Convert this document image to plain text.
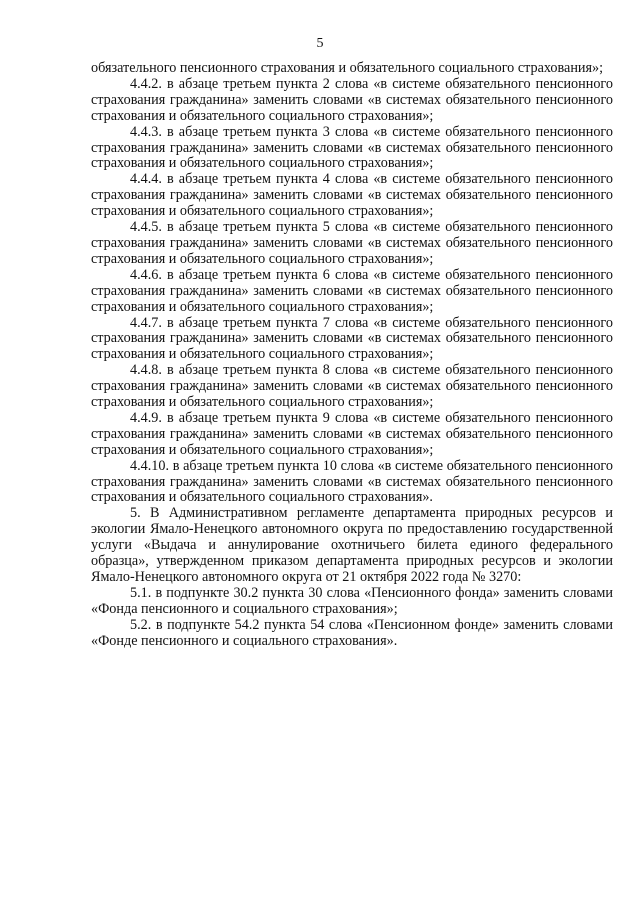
5

обязательного пенсионного страхования и обязательного социального страхования»;

4.4.2. в абзаце третьем пункта 2 слова «в системе обязательного пенсионного страхования гражданина» заменить словами «в системах обязательного пенсионного страхования и обязательного социального страхования»;

4.4.3. в абзаце третьем пункта 3 слова «в системе обязательного пенсионного страхования гражданина» заменить словами «в системах обязательного пенсионного страхования и обязательного социального страхования»;

4.4.4. в абзаце третьем пункта 4 слова «в системе обязательного пенсионного страхования гражданина» заменить словами «в системах обязательного пенсионного страхования и обязательного социального страхования»;

4.4.5. в абзаце третьем пункта 5 слова «в системе обязательного пенсионного страхования гражданина» заменить словами «в системах обязательного пенсионного страхования и обязательного социального страхования»;

4.4.6. в абзаце третьем пункта 6 слова «в системе обязательного пенсионного страхования гражданина» заменить словами «в системах обязательного пенсионного страхования и обязательного социального страхования»;

4.4.7. в абзаце третьем пункта 7 слова «в системе обязательного пенсионного страхования гражданина» заменить словами «в системах обязательного пенсионного страхования и обязательного социального страхования»;

4.4.8. в абзаце третьем пункта 8 слова «в системе обязательного пенсионного страхования гражданина» заменить словами «в системах обязательного пенсионного страхования и обязательного социального страхования»;

4.4.9. в абзаце третьем пункта 9 слова «в системе обязательного пенсионного страхования гражданина» заменить словами «в системах обязательного пенсионного страхования и обязательного социального страхования»;

4.4.10. в абзаце третьем пункта 10 слова «в системе обязательного пенсионного страхования гражданина» заменить словами «в системах обязательного пенсионного страхования и обязательного социального страхования».

5. В Административном регламенте департамента природных ресурсов и экологии Ямало-Ненецкого автономного округа по предоставлению государственной услуги «Выдача и аннулирование охотничьего билета единого федерального образца», утвержденном приказом департамента природных ресурсов и экологии Ямало-Ненецкого автономного округа от 21 октября 2022 года № 3270:

5.1. в подпункте 30.2 пункта 30 слова «Пенсионного фонда» заменить словами «Фонда пенсионного и социального страхования»;

5.2. в подпункте 54.2 пункта 54 слова «Пенсионном фонде» заменить словами «Фонде пенсионного и социального страхования».
